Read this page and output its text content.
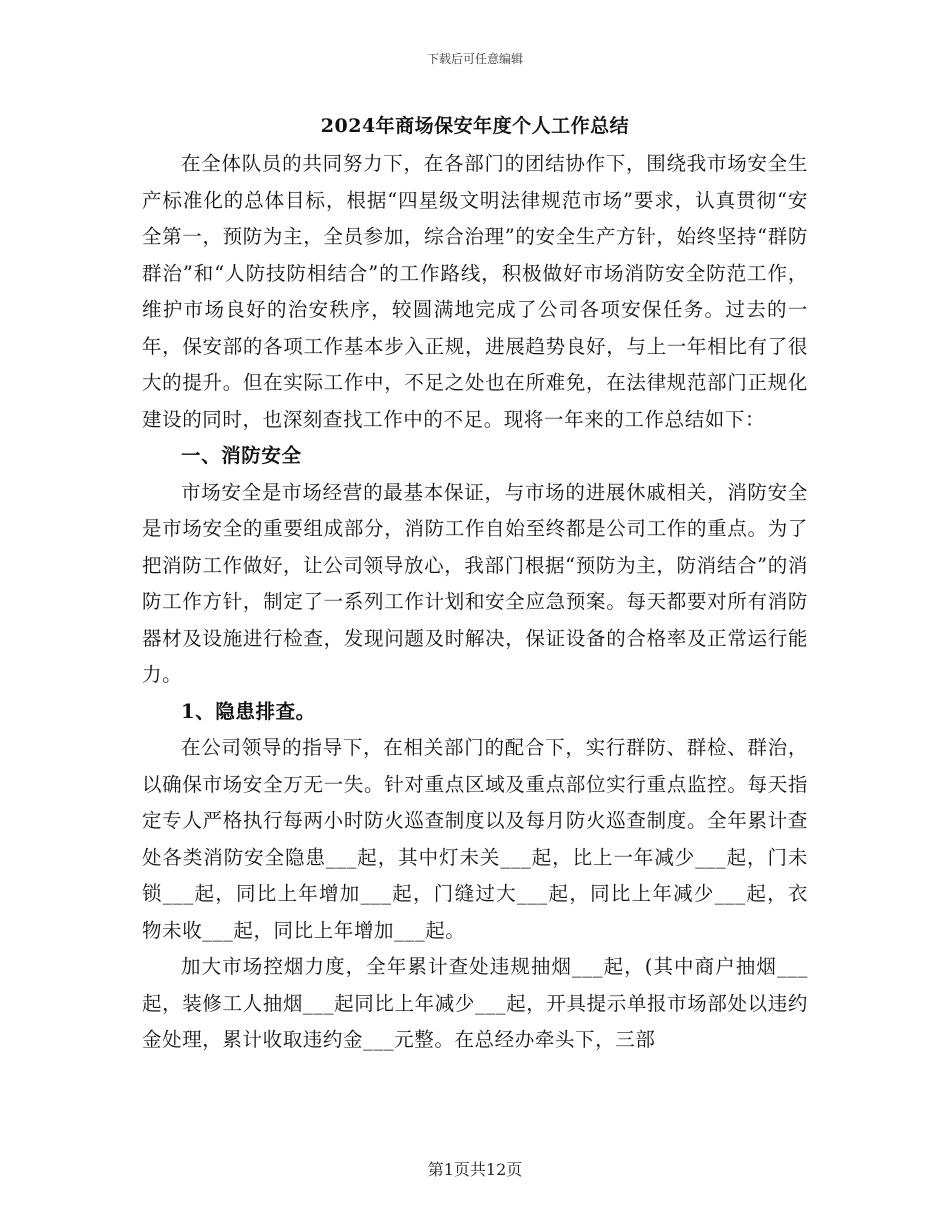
下载后可任意编辑
2024年商场保安年度个人工作总结

在全体队员的共同努力下，在各部门的团结协作下，围绕我市场安全生产标准化的总体目标，根据“四星级文明法律规范市场”要求，认真贯彻“安全第一，预防为主，全员参加，综合治理”的安全生产方针，始终坚持“群防群治”和“人防技防相结合”的工作路线，积极做好市场消防安全防范工作，维护市场良好的治安秩序，较圆满地完成了公司各项安保任务。过去的一年，保安部的各项工作基本步入正规，进展趋势良好，与上一年相比有了很大的提升。但在实际工作中，不足之处也在所难免，在法律规范部门正规化建设的同时，也深刻查找工作中的不足。现将一年来的工作总结如下：

一、消防安全

市场安全是市场经营的最基本保证，与市场的进展休戚相关，消防安全是市场安全的重要组成部分，消防工作自始至终都是公司工作的重点。为了把消防工作做好，让公司领导放心，我部门根据“预防为主，防消结合”的消防工作方针，制定了一系列工作计划和安全应急预案。每天都要对所有消防器材及设施进行检查，发现问题及时解决，保证设备的合格率及正常运行能力。

1、隐患排查。

在公司领导的指导下，在相关部门的配合下，实行群防、群检、群治，以确保市场安全万无一失。针对重点区域及重点部位实行重点监控。每天指定专人严格执行每两小时防火巡查制度以及每月防火巡查制度。全年累计查处各类消防安全隐患___起，其中灯未关___起，比上一年减少___起，门未锁___起，同比上年增加___起，门缝过大___起，同比上年减少___起，衣物未收___起，同比上年增加___起。

加大市场控烟力度，全年累计查处违规抽烟___起，(其中商户抽烟___起，装修工人抽烟___起同比上年减少___起，开具提示单报市场部处以违约金处理，累计收取违约金___元整。在总经办牵头下，三部

第1页共12页
